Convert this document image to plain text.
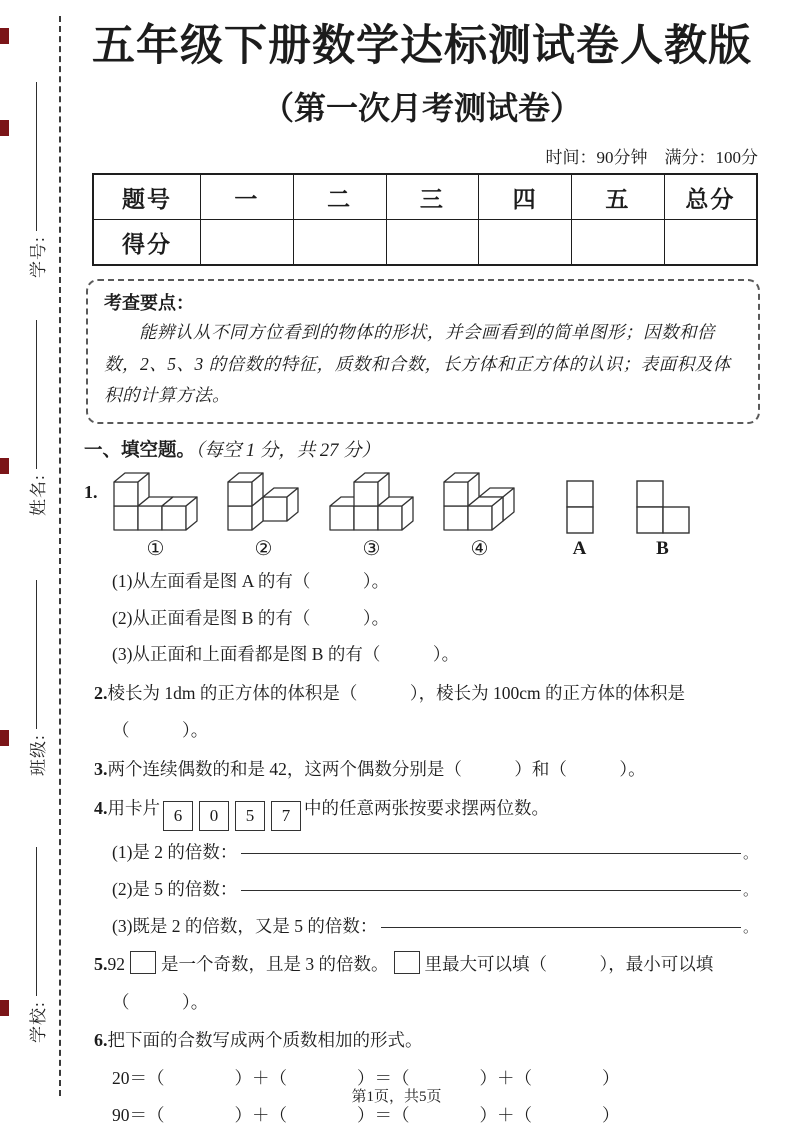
学号:
姓名:
班级:
学校:
五年级下册数学达标测试卷人教版
（第一次月考测试卷）
时间：90分钟　满分：100分
题号	一	二	三	四	五	总分
得分						
考查要点：
能辨认从不同方位看到的物体的形状，并会画看到的简单图形；因数和倍数，2、5、3 的倍数的特征，质数和合数，长方体和正方体的认识；表面积及体积的计算方法。
一、填空题。（每空 1 分，共 27 分）
1.
①	②	③	④	A	B

(1)从左面看是图 A 的有（　　　）。

(2)从正面看是图 B 的有（　　　）。

(3)从正面和上面看都是图 B 的有（　　　）。

2.棱长为 1dm 的正方体的体积是（　　　），棱长为 100cm 的正方体的体积是

（　　　）。

3.两个连续偶数的和是 42，这两个偶数分别是（　　　）和（　　　）。

4.用卡片 6 0 5 7 中的任意两张按要求摆两位数。

(1)是 2 的倍数：	。

(2)是 5 的倍数：	。

(3)既是 2 的倍数，又是 5 的倍数：	。

5.92 是一个奇数，且是 3 的倍数。 里最大可以填（　　　），最小可以填

（　　　）。

6.把下面的合数写成两个质数相加的形式。

20＝（　　　　）＋（　　　　）＝（　　　　）＋（　　　　）

90＝（　　　　）＋（　　　　）＝（　　　　）＋（　　　　）

第1页，共5页
